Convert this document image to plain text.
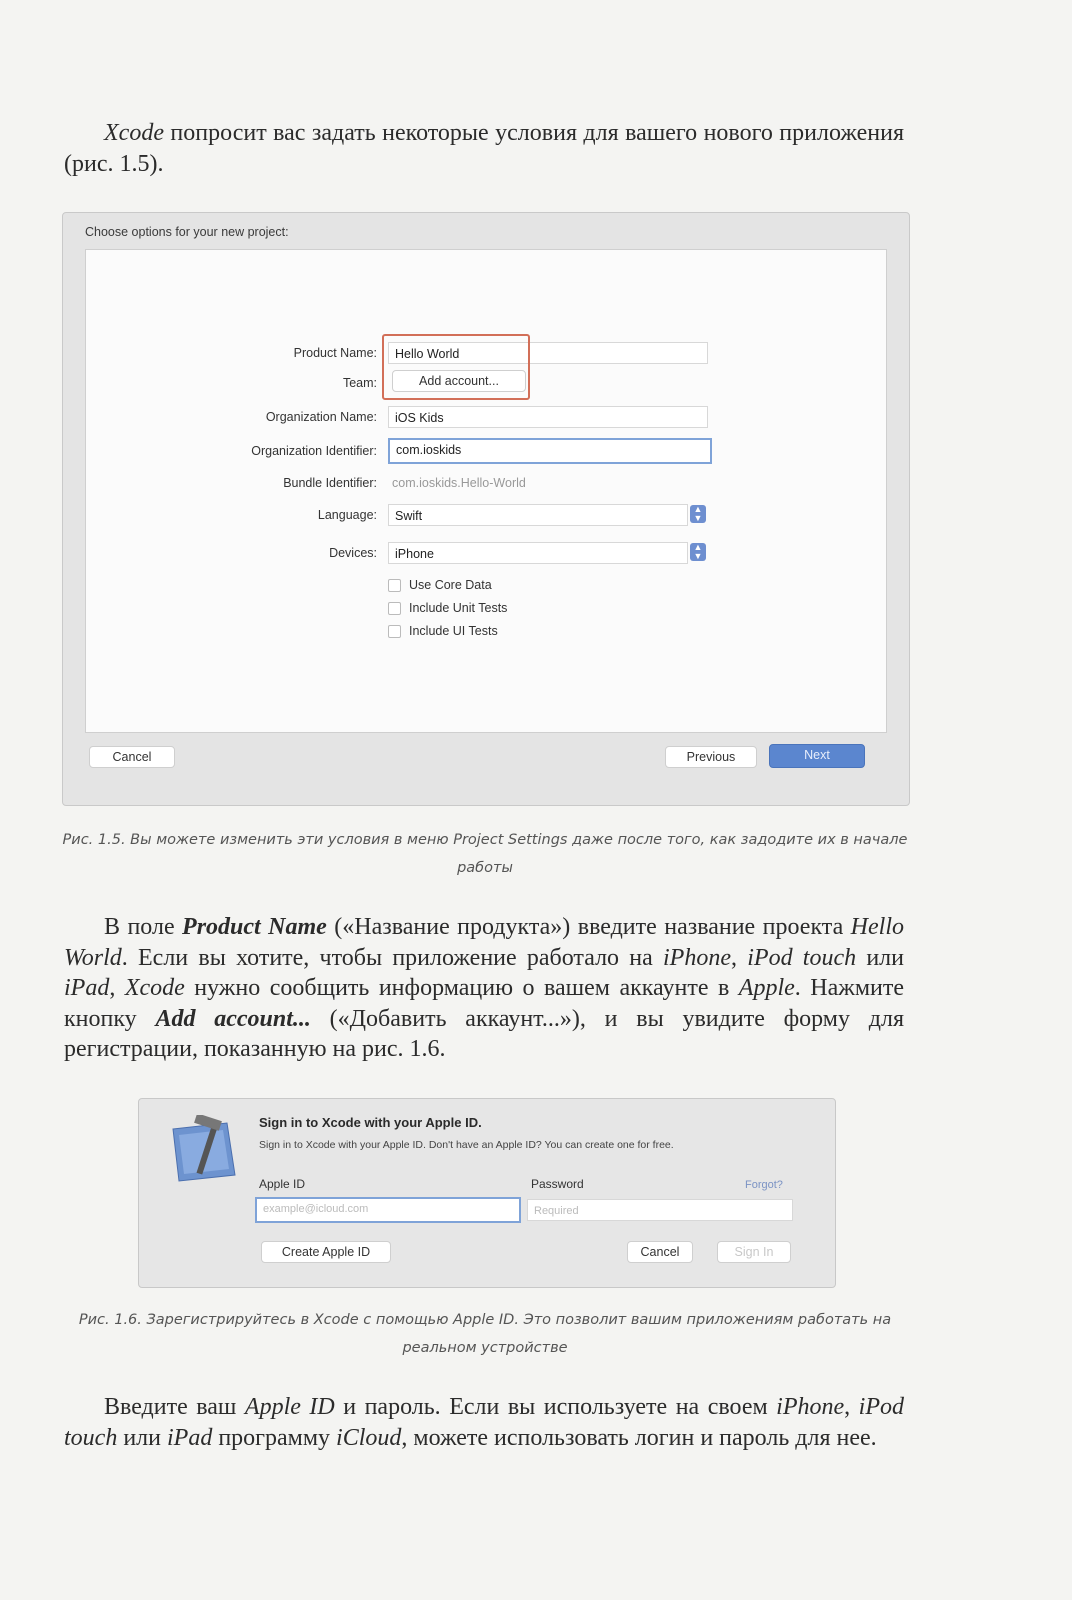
Xcode попросит вас задать некоторые условия для вашего нового приложения (рис. 1.5).

Choose options for your new project:
Product Name:	Hello World
Team:	Add account...
Organization Name:	iOS Kids
Organization Identifier:	com.ioskids
Bundle Identifier: com.ioskids.Hello-World
Language:	Swift	▲
▼
Devices:	iPhone	▲
▼
Use Core Data
Include Unit Tests
Include UI Tests
Cancel	Previous	Next
Рис. 1.5. Вы можете изменить эти условия в меню Project Settings даже после того, как задодите их в начале работы

В поле Product Name («Название продукта») введите название проекта Hello World. Если вы хотите, чтобы приложение работало на iPhone, iPod touch или iPad, Xcode нужно сообщить информацию о вашем аккаунте в Apple. Нажмите кнопку Add account... («Добавить аккаунт...»), и вы увидите форму для регистрации, показанную на рис. 1.6.

Sign in to Xcode with your Apple ID.
Sign in to Xcode with your Apple ID. Don't have an Apple ID? You can create one for free.
Apple ID	Password	Forgot?
example@icloud.com	Required
Create Apple ID	Cancel	Sign In
Рис. 1.6. Зарегистрируйтесь в Xcode с помощью Apple ID. Это позволит вашим приложениям работать на реальном устройстве

Введите ваш Apple ID и пароль. Если вы используете на своем iPhone, iPod touch или iPad программу iCloud, можете использовать логин и пароль для нее.
